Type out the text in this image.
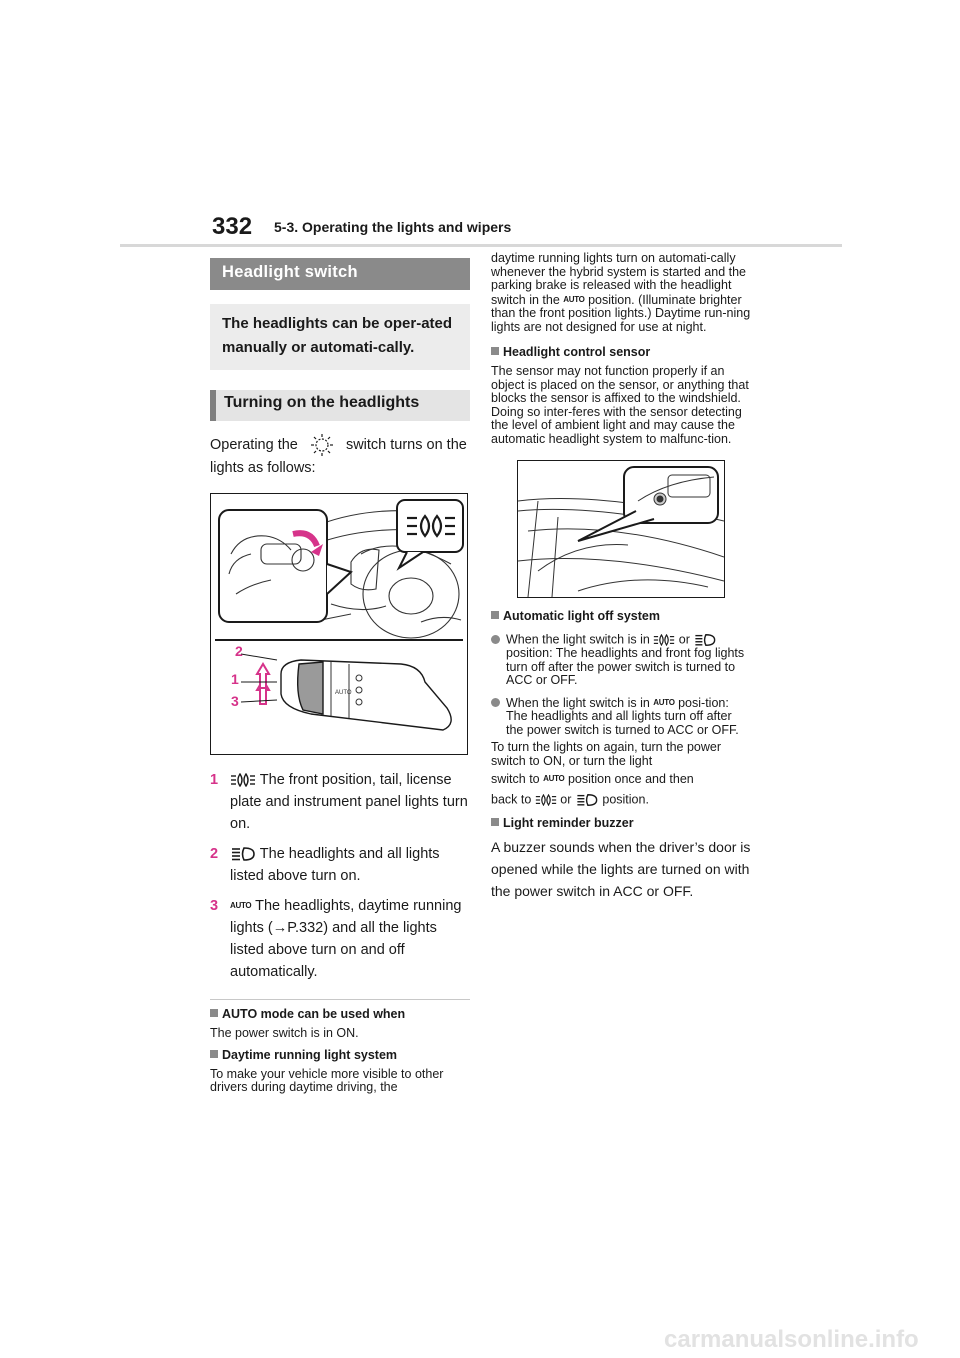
332 5-3. Operating the lights and wipers
Headlight switch
The headlights can be oper-ated manually or automati-cally.
Turning on the headlights
Operating the	switch turns on the lights as follows:
AUTO
2
1
3
1	The front position, tail, license plate and instrument panel lights turn on.
2	The headlights and all lights listed above turn on.
3	AUTO The headlights, daytime running lights (→P.332) and all the lights listed above turn on and off automatically.
AUTO mode can be used when
The power switch is in ON.
Daytime running light system
To make your vehicle more visible to other drivers during daytime driving, the
daytime running lights turn on automati-cally whenever the hybrid system is started and the parking brake is released with the headlight switch in the AUTO position. (Illuminate brighter than the front position lights.) Daytime run-ning lights are not designed for use at night.
Headlight control sensor
The sensor may not function properly if an object is placed on the sensor, or anything that blocks the sensor is affixed to the windshield. Doing so inter-feres with the sensor detecting the level of ambient light and may cause the automatic headlight system to malfunc-tion.
Automatic light off system
When the light switch is in or  position: The headlights and front fog lights turn off after the power switch is turned to ACC or OFF.
When the light switch is in AUTO posi-tion: The headlights and all lights turn off after the power switch is turned to ACC or OFF.
To turn the lights on again, turn the power switch to ON, or turn the light
switch to AUTO position once and then
back to or position.
Light reminder buzzer
A buzzer sounds when the driver’s door is opened while the lights are turned on with the power switch in ACC or OFF.
carmanualsonline.info
